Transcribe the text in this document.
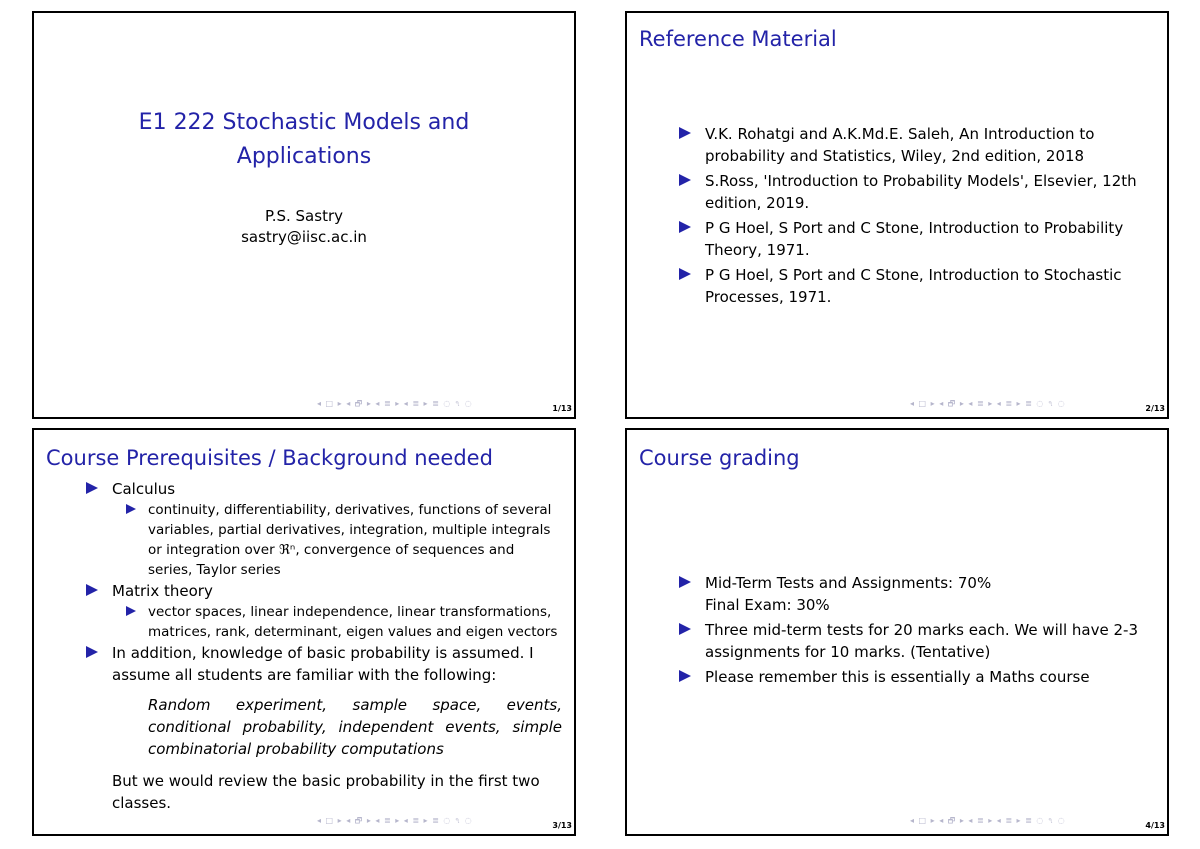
E1 222 Stochastic Models and
Applications
P.S. Sastry
sastry@iisc.ac.in
◂ □ ▸ ◂ 🗗 ▸ ◂ ≣ ▸ ◂ ≣ ▸ ≣ ◌ ৭ ◌
1/13
Reference Material
V.K. Rohatgi and A.K.Md.E. Saleh, An Introduction to probability and Statistics, Wiley, 2nd edition, 2018
S.Ross, 'Introduction to Probability Models', Elsevier, 12th edition, 2019.
P G Hoel, S Port and C Stone, Introduction to Probability Theory, 1971.
P G Hoel, S Port and C Stone, Introduction to Stochastic Processes, 1971.
◂ □ ▸ ◂ 🗗 ▸ ◂ ≣ ▸ ◂ ≣ ▸ ≣ ◌ ৭ ◌
2/13
Course Prerequisites / Background needed
Calculus
continuity, differentiability, derivatives, functions of several variables, partial derivatives, integration, multiple integrals or integration over ℜⁿ, convergence of sequences and series, Taylor series
Matrix theory
vector spaces, linear independence, linear transformations, matrices, rank, determinant, eigen values and eigen vectors
In addition, knowledge of basic probability is assumed. I assume all students are familiar with the following:
Random experiment, sample space, events, conditional probability, independent events, simple combinatorial probability computations
But we would review the basic probability in the first two classes.
◂ □ ▸ ◂ 🗗 ▸ ◂ ≣ ▸ ◂ ≣ ▸ ≣ ◌ ৭ ◌
3/13
Course grading
Mid-Term Tests and Assignments: 70%
Final Exam: 30%
Three mid-term tests for 20 marks each. We will have 2-3 assignments for 10 marks. (Tentative)
Please remember this is essentially a Maths course
◂ □ ▸ ◂ 🗗 ▸ ◂ ≣ ▸ ◂ ≣ ▸ ≣ ◌ ৭ ◌
4/13
